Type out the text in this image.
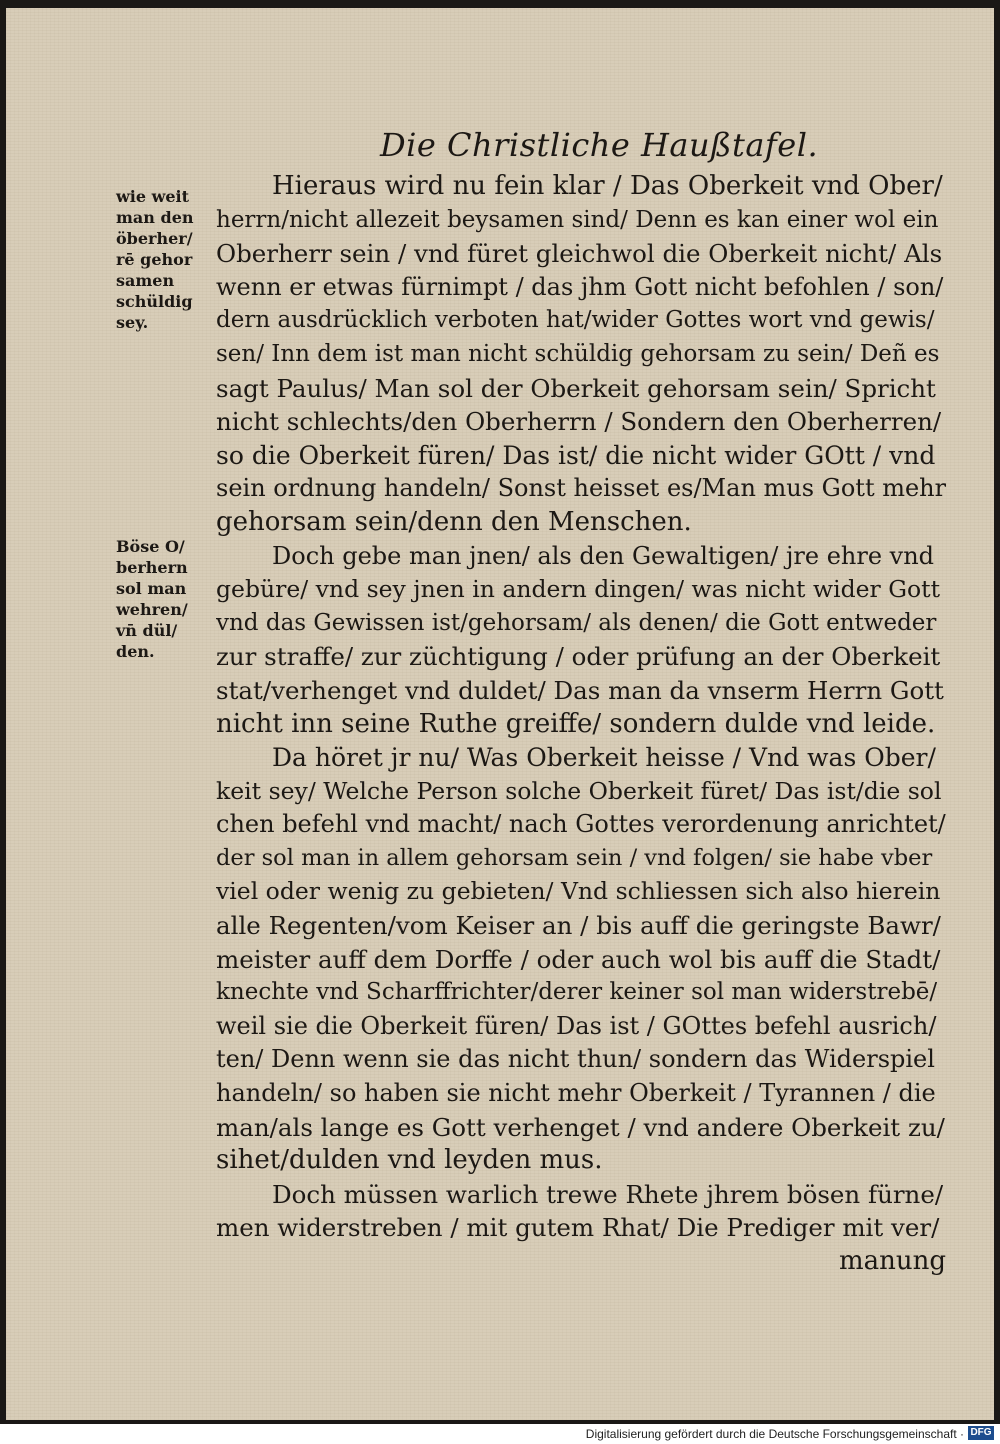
Die Christliche Haußtafel.
wie weit
man den
öberher/
rē gehor
samen
schüldig
sey.
Böse O/
berhern
sol man
wehren/
vn̄ dül/
den.
Hieraus wird nu fein klar / Das Oberkeit vnd Ober/
herrn/nicht allezeit beysamen sind/ Denn es kan einer wol ein
Oberherr sein / vnd füret gleichwol die Oberkeit nicht/ Als
wenn er etwas fürnimpt / das jhm Gott nicht befohlen / son/
dern ausdrücklich verboten hat/wider Gottes wort vnd gewis/
sen/ Inn dem ist man nicht schüldig gehorsam zu sein/ Deñ es
sagt Paulus/ Man sol der Oberkeit gehorsam sein/ Spricht
nicht schlechts/den Oberherrn / Sondern den Oberherren/
so die Oberkeit füren/ Das ist/ die nicht wider GOtt / vnd
sein ordnung handeln/ Sonst heisset es/Man mus Gott mehr
gehorsam sein/denn den Menschen.
Doch gebe man jnen/ als den Gewaltigen/ jre ehre vnd
gebüre/ vnd sey jnen in andern dingen/ was nicht wider Gott
vnd das Gewissen ist/gehorsam/ als denen/ die Gott entweder
zur straffe/ zur züchtigung / oder prüfung an der Oberkeit
stat/verhenget vnd duldet/ Das man da vnserm Herrn Gott
nicht inn seine Ruthe greiffe/ sondern dulde vnd leide.
Da höret jr nu/ Was Oberkeit heisse / Vnd was Ober/
keit sey/ Welche Person solche Oberkeit füret/ Das ist/die sol
chen befehl vnd macht/ nach Gottes verordenung anrichtet/
der sol man in allem gehorsam sein / vnd folgen/ sie habe vber
viel oder wenig zu gebieten/ Vnd schliessen sich also hierein
alle Regenten/vom Keiser an / bis auff die geringste Bawr/
meister auff dem Dorffe / oder auch wol bis auff die Stadt/
knechte vnd Scharffrichter/derer keiner sol man widerstrebē/
weil sie die Oberkeit füren/ Das ist / GOttes befehl ausrich/
ten/ Denn wenn sie das nicht thun/ sondern das Widerspiel
handeln/ so haben sie nicht mehr Oberkeit / Tyrannen / die
man/als lange es Gott verhenget / vnd andere Oberkeit zu/
sihet/dulden vnd leyden mus.
Doch müssen warlich trewe Rhete jhrem bösen fürne/
men widerstreben / mit gutem Rhat/ Die Prediger mit ver/
manung
Digitalisierung gefördert durch die Deutsche Forschungsgemeinschaft · DFG
